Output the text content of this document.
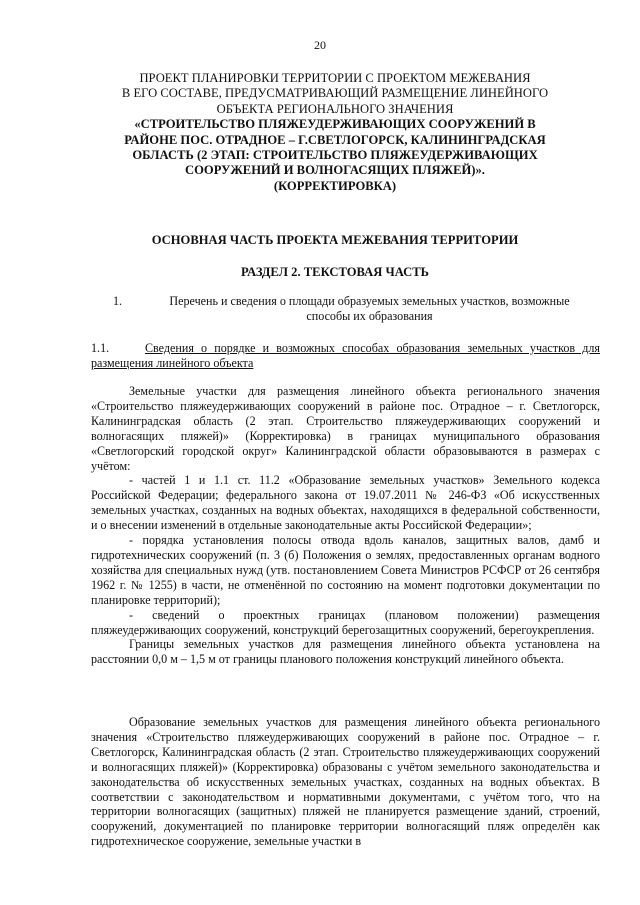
20
ПРОЕКТ ПЛАНИРОВКИ ТЕРРИТОРИИ С ПРОЕКТОМ МЕЖЕВАНИЯ
В ЕГО СОСТАВЕ, ПРЕДУСМАТРИВАЮЩИЙ РАЗМЕЩЕНИЕ ЛИНЕЙНОГО
ОБЪЕКТА РЕГИОНАЛЬНОГО ЗНАЧЕНИЯ
«СТРОИТЕЛЬСТВО ПЛЯЖЕУДЕРЖИВАЮЩИХ СООРУЖЕНИЙ В
РАЙОНЕ ПОС. ОТРАДНОЕ – Г.СВЕТЛОГОРСК, КАЛИНИНГРАДСКАЯ
ОБЛАСТЬ (2 ЭТАП: СТРОИТЕЛЬСТВО ПЛЯЖЕУДЕРЖИВАЮЩИХ
СООРУЖЕНИЙ И ВОЛНОГАСЯЩИХ ПЛЯЖЕЙ)».
(КОРРЕКТИРОВКА)
ОСНОВНАЯ ЧАСТЬ ПРОЕКТА МЕЖЕВАНИЯ ТЕРРИТОРИИ
РАЗДЕЛ 2. ТЕКСТОВАЯ ЧАСТЬ
1.	Перечень и сведения о площади образуемых земельных участков, возможные
способы их образования
1.1.	Сведения о порядке и возможных способах образования земельных участков для размещения линейного объекта

Земельные участки для размещения линейного объекта регионального значения «Строительство пляжеудерживающих сооружений в районе пос. Отрадное – г. Светлогорск, Калининградская область (2 этап. Строительство пляжеудерживающих сооружений и волногасящих пляжей)» (Корректировка) в границах муниципального образования «Светлогорский городской округ» Калининградской области образовываются в размерах с учётом:

- частей 1 и 1.1 ст. 11.2 «Образование земельных участков» Земельного кодекса Российской Федерации; федерального закона от 19.07.2011 № 246-ФЗ «Об искусственных земельных участках, созданных на водных объектах, находящихся в федеральной собственности, и о внесении изменений в отдельные законодательные акты Российской Федерации»;

- порядка установления полосы отвода вдоль каналов, защитных валов, дамб и гидротехнических сооружений (п. 3 (б) Положения о землях, предоставленных органам водного хозяйства для специальных нужд (утв. постановлением Совета Министров РСФСР от 26 сентября 1962 г. № 1255) в части, не отменённой по состоянию на момент подготовки документации по планировке территорий);

- сведений о проектных границах (плановом положении) размещения пляжеудерживающих сооружений, конструкций берегозащитных сооружений, берегоукрепления.

Границы земельных участков для размещения линейного объекта установлена на расстоянии 0,0 м – 1,5 м от границы планового положения конструкций линейного объекта.

Образование земельных участков для размещения линейного объекта регионального значения «Строительство пляжеудерживающих сооружений в районе пос. Отрадное – г. Светлогорск, Калининградская область (2 этап. Строительство пляжеудерживающих сооружений и волногасящих пляжей)» (Корректировка) образованы с учётом земельного законодательства и законодательства об искусственных земельных участках, созданных на водных объектах. В соответствии с законодательством и нормативными документами, с учётом того, что на территории волногасящих (защитных) пляжей не планируется размещение зданий, строений, сооружений, документацией по планировке территории волногасящий пляж определён как гидротехническое сооружение, земельные участки в
